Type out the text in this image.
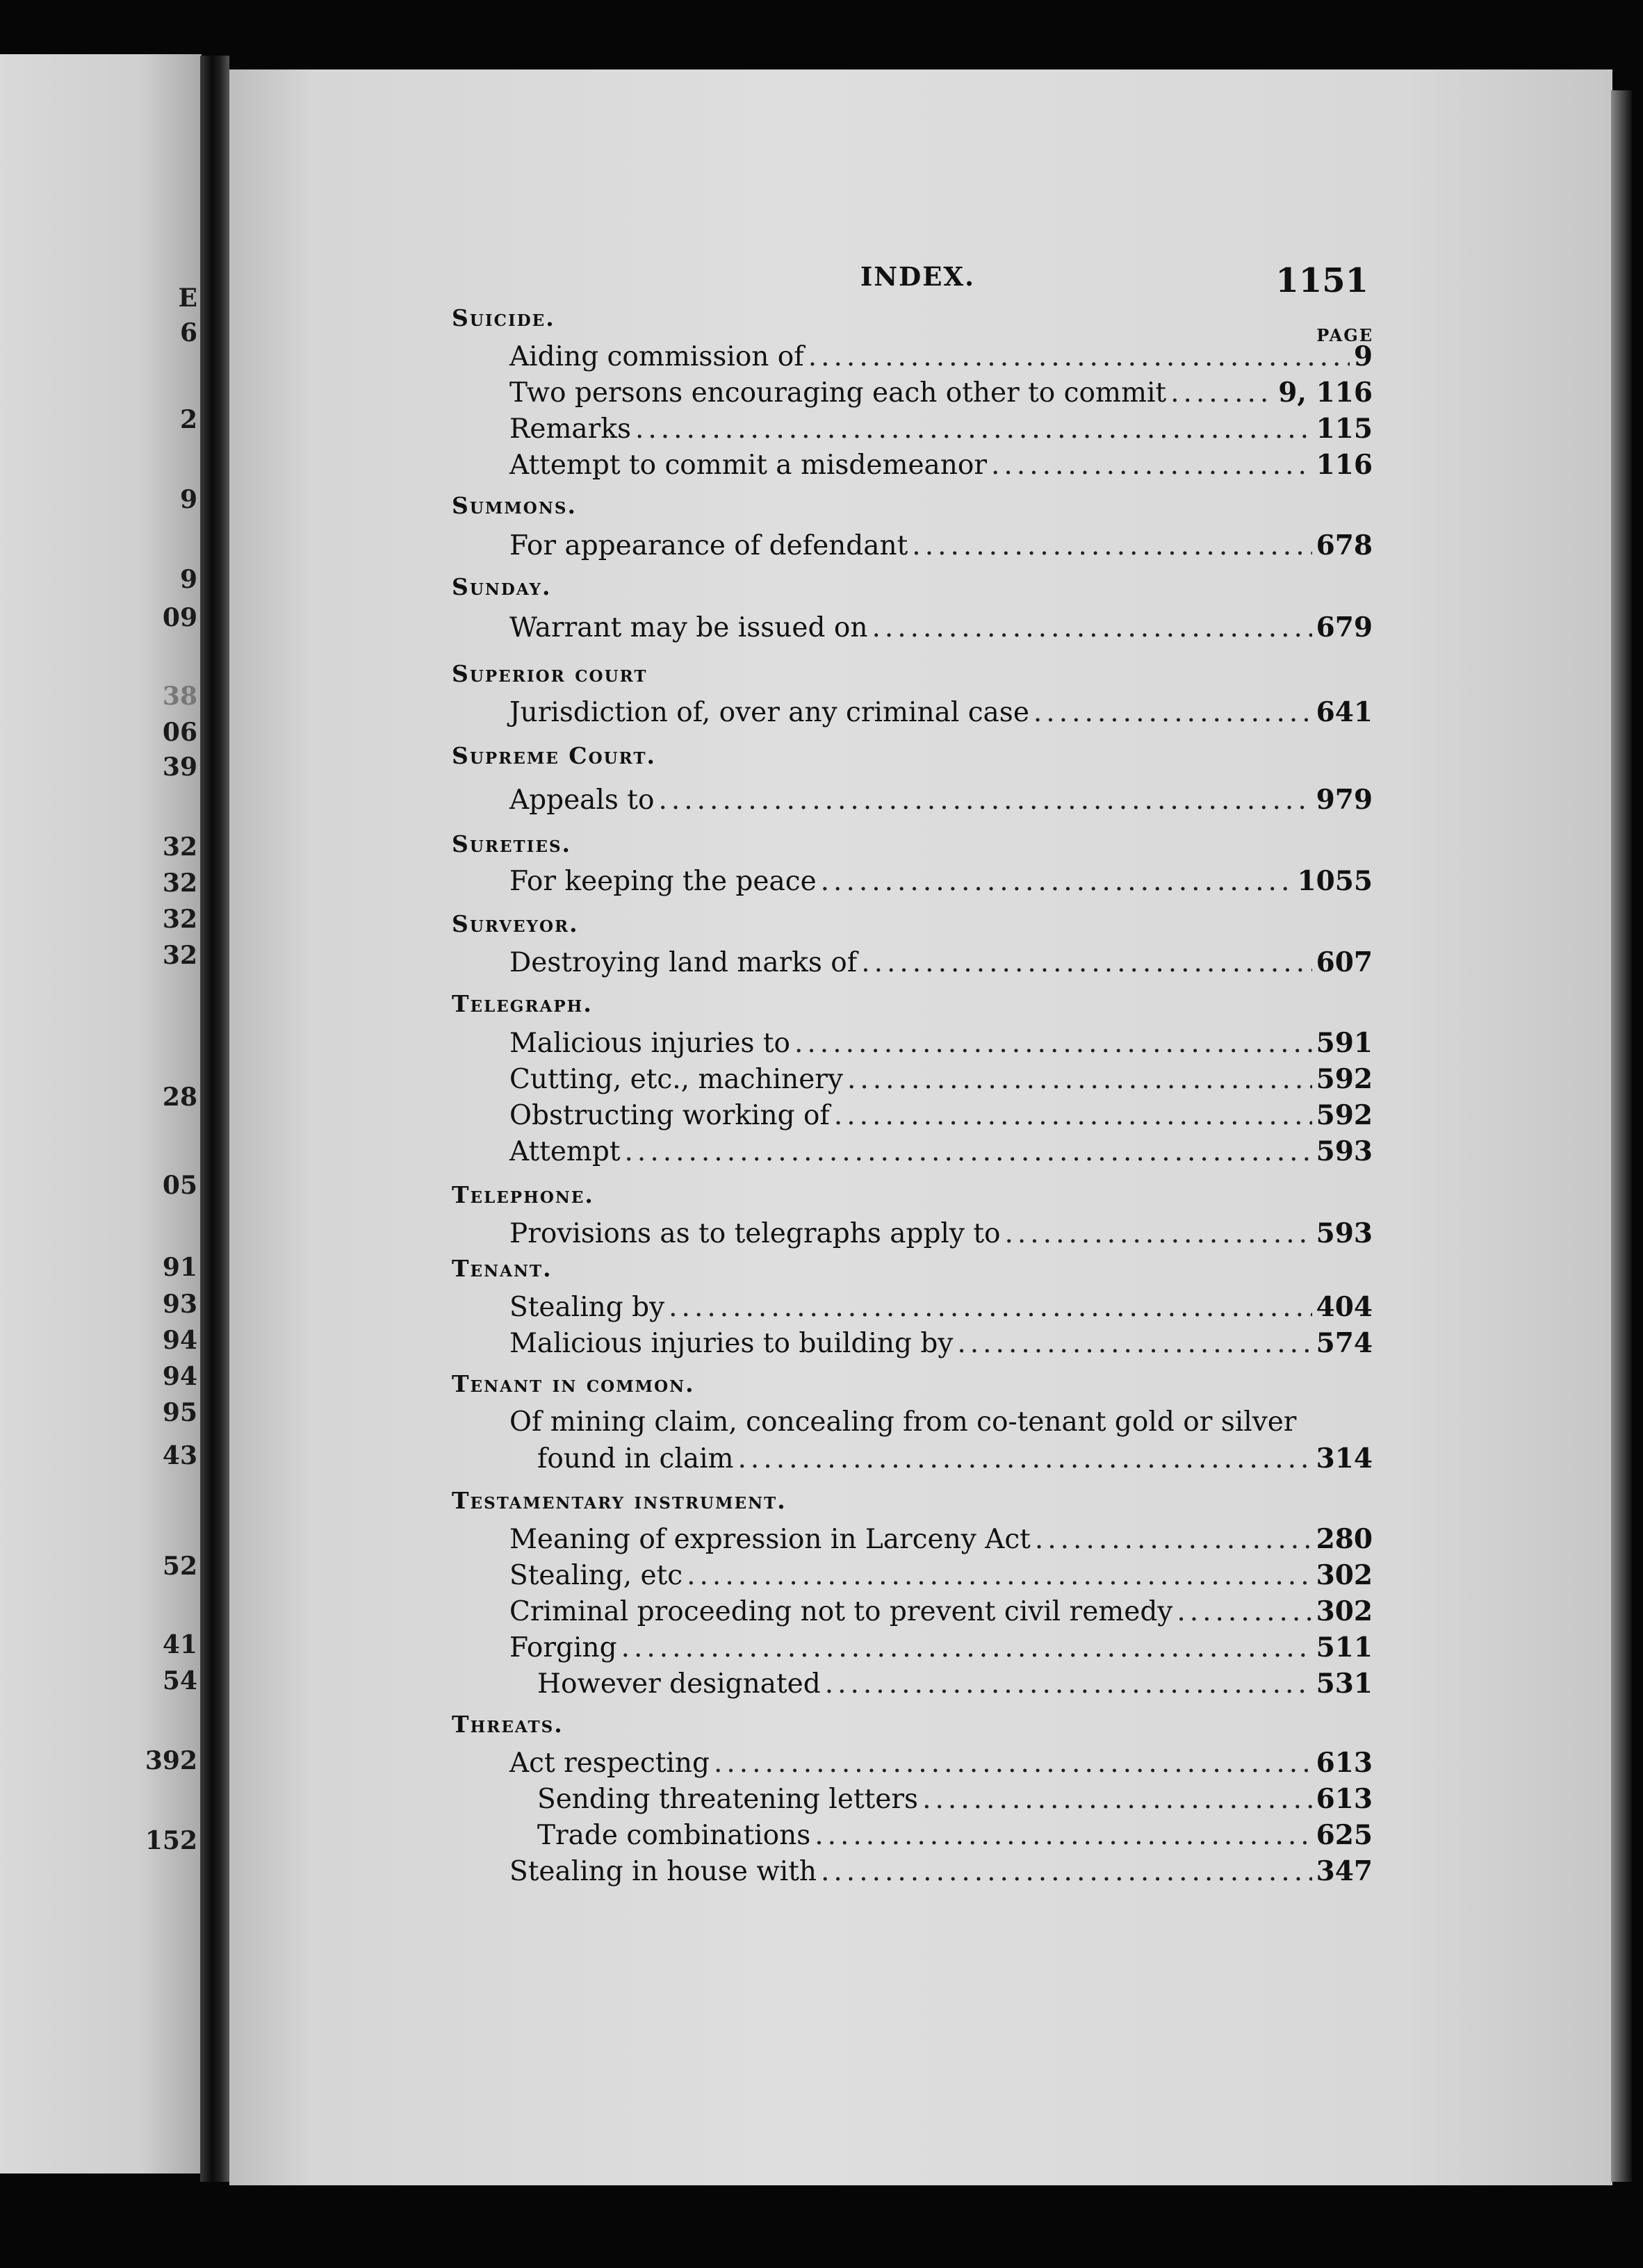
E
6
2
9
9
09
38
06
39
32
32
32
32
28
05
91
93
94
94
95
43
52
41
54
392
152
INDEX.	1151
PAGE
Suicide.
Aiding commission of .....	9
Two persons encouraging each other to commit .....	9, 116
Remarks .....	115
Attempt to commit a misdemeanor .....	116
Summons.
For appearance of defendant .....	678
Sunday.
Warrant may be issued on .....	679
Superior court
Jurisdiction of, over any criminal case .....	641
Supreme Court.
Appeals to .....	979
Sureties.
For keeping the peace .....	1055
Surveyor.
Destroying land marks of .....	607
Telegraph.
Malicious injuries to .....	591
Cutting, etc., machinery .....	592
Obstructing working of .....	592
Attempt .....	593
Telephone.
Provisions as to telegraphs apply to .....	593
Tenant.
Stealing by .....	404
Malicious injuries to building by .....	574
Tenant in common.
Of mining claim, concealing from co-tenant gold or silver
found in claim .....	314
Testamentary instrument.
Meaning of expression in Larceny Act .....	280
Stealing, etc .....	302
Criminal proceeding not to prevent civil remedy .....	302
Forging .....	511
However designated .....	531
Threats.
Act respecting .....	613
Sending threatening letters .....	613
Trade combinations .....	625
Stealing in house with .....	347
